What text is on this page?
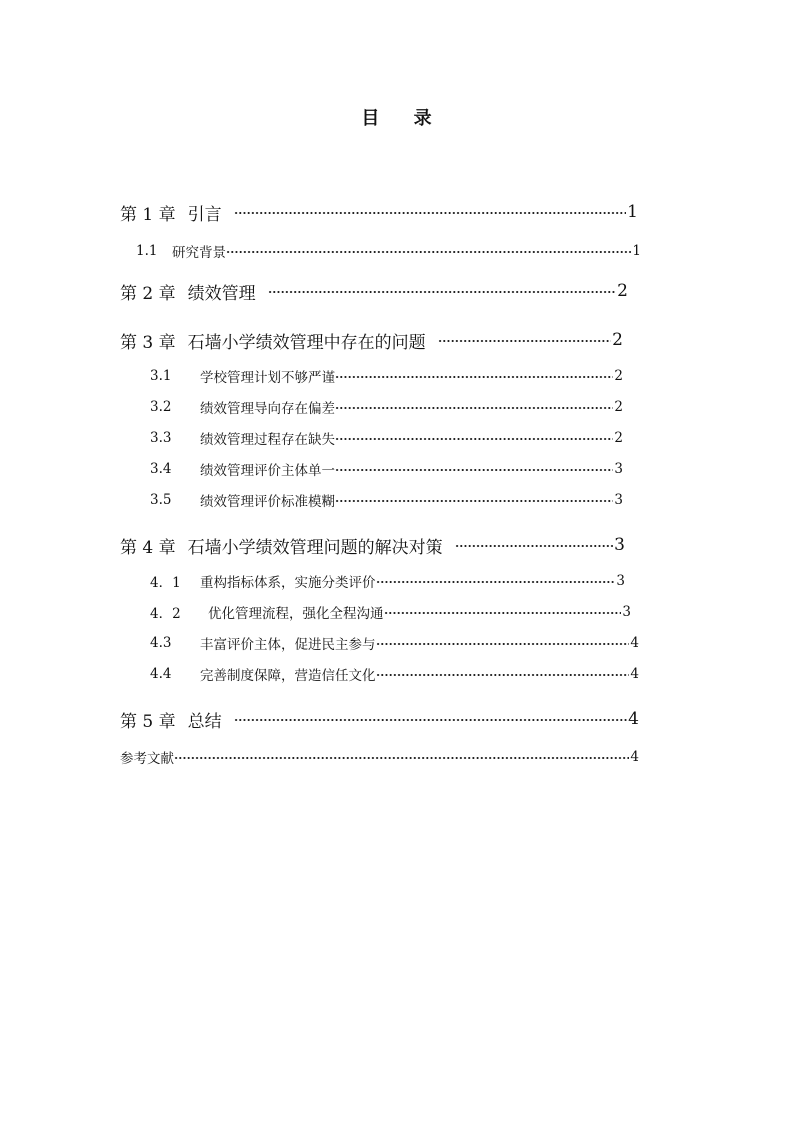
目 录
第 1 章 引言	1
1.1	研究背景	1
第 2 章 绩效管理	2
第 3 章 石墙小学绩效管理中存在的问题	2
3.1	学校管理计划不够严谨	2
3.2	绩效管理导向存在偏差	2
3.3	绩效管理过程存在缺失	2
3.4	绩效管理评价主体单一	3
3.5	绩效管理评价标准模糊	3
第 4 章 石墙小学绩效管理问题的解决对策	3
4．1	重构指标体系，实施分类评价	3
4．2	优化管理流程，强化全程沟通	3
4.3	丰富评价主体，促进民主参与	4
4.4	完善制度保障，营造信任文化	4
第 5 章 总结	4
参考文献	4
